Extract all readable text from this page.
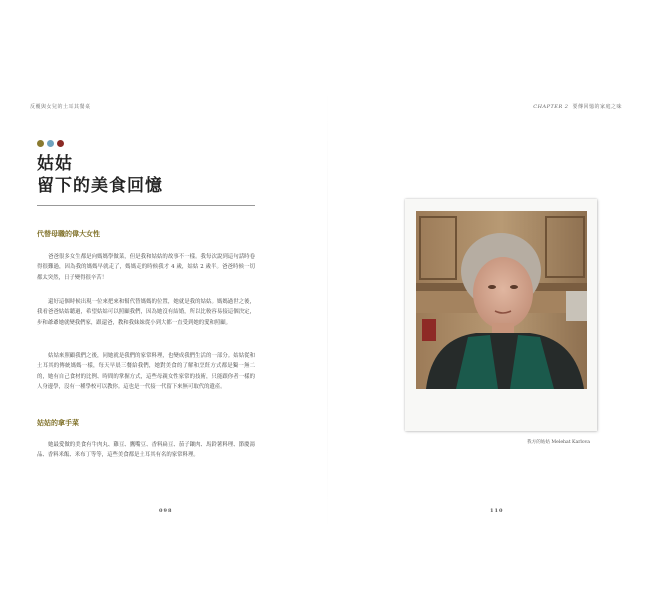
反覆與女兒的土耳其餐桌	CHAPTER 2 要傳回憶的家庭之味
姑姑
留下的美食回憶
代替母職的偉大女性
爸爸很多女生都是向媽媽學做菜，但是我和姑姑的故事不一樣。我每次說到這句話時卷得很難過，因為我的媽媽早就走了，媽媽走的時候我才 4 歲，姑姑 2 歲半。爸爸時候一切都太突然，日子變得很辛苦！
還好這個時候出現一位來把來和幫代替媽媽的位置，她就是我的姑姑。媽媽過世之後，我看爸爸姑姑聽過，希望姑姑可以照顧我們，因為她沒有結婚，所以比較容易接這個決定，步和爺爺她就變我們家，跟還爸，教和我妹妹從小到大都一直受到她的愛和照顧。
姑姑來照顧我們之後，同她就是我們的家常料理，也變成我們生活的一部分。姑姑從和土耳其的傳統媽媽一樣，每天早晨三餐給我們，她對美食的了解和烹飪方式都是獨一無二的，她有自己食材的比例、時間的掌握方式，這些母親女性家常的技術，只能跟你者一樣的人身邊學，沒有一種學校可以教你。這也是一代接一代留下來無可取代的遺產。
姑姑的拿手菜
她最愛做的美食有牛肉丸、雞豆、鷹嘴豆、香料扁豆、茄子鑲肉、馬鈴薯料理、節慶湯品、香料米飯、米布丁等等，這些美食都是土耳其有名的家常料理。
098	110
我方的姑姑 Melehat Karlova
